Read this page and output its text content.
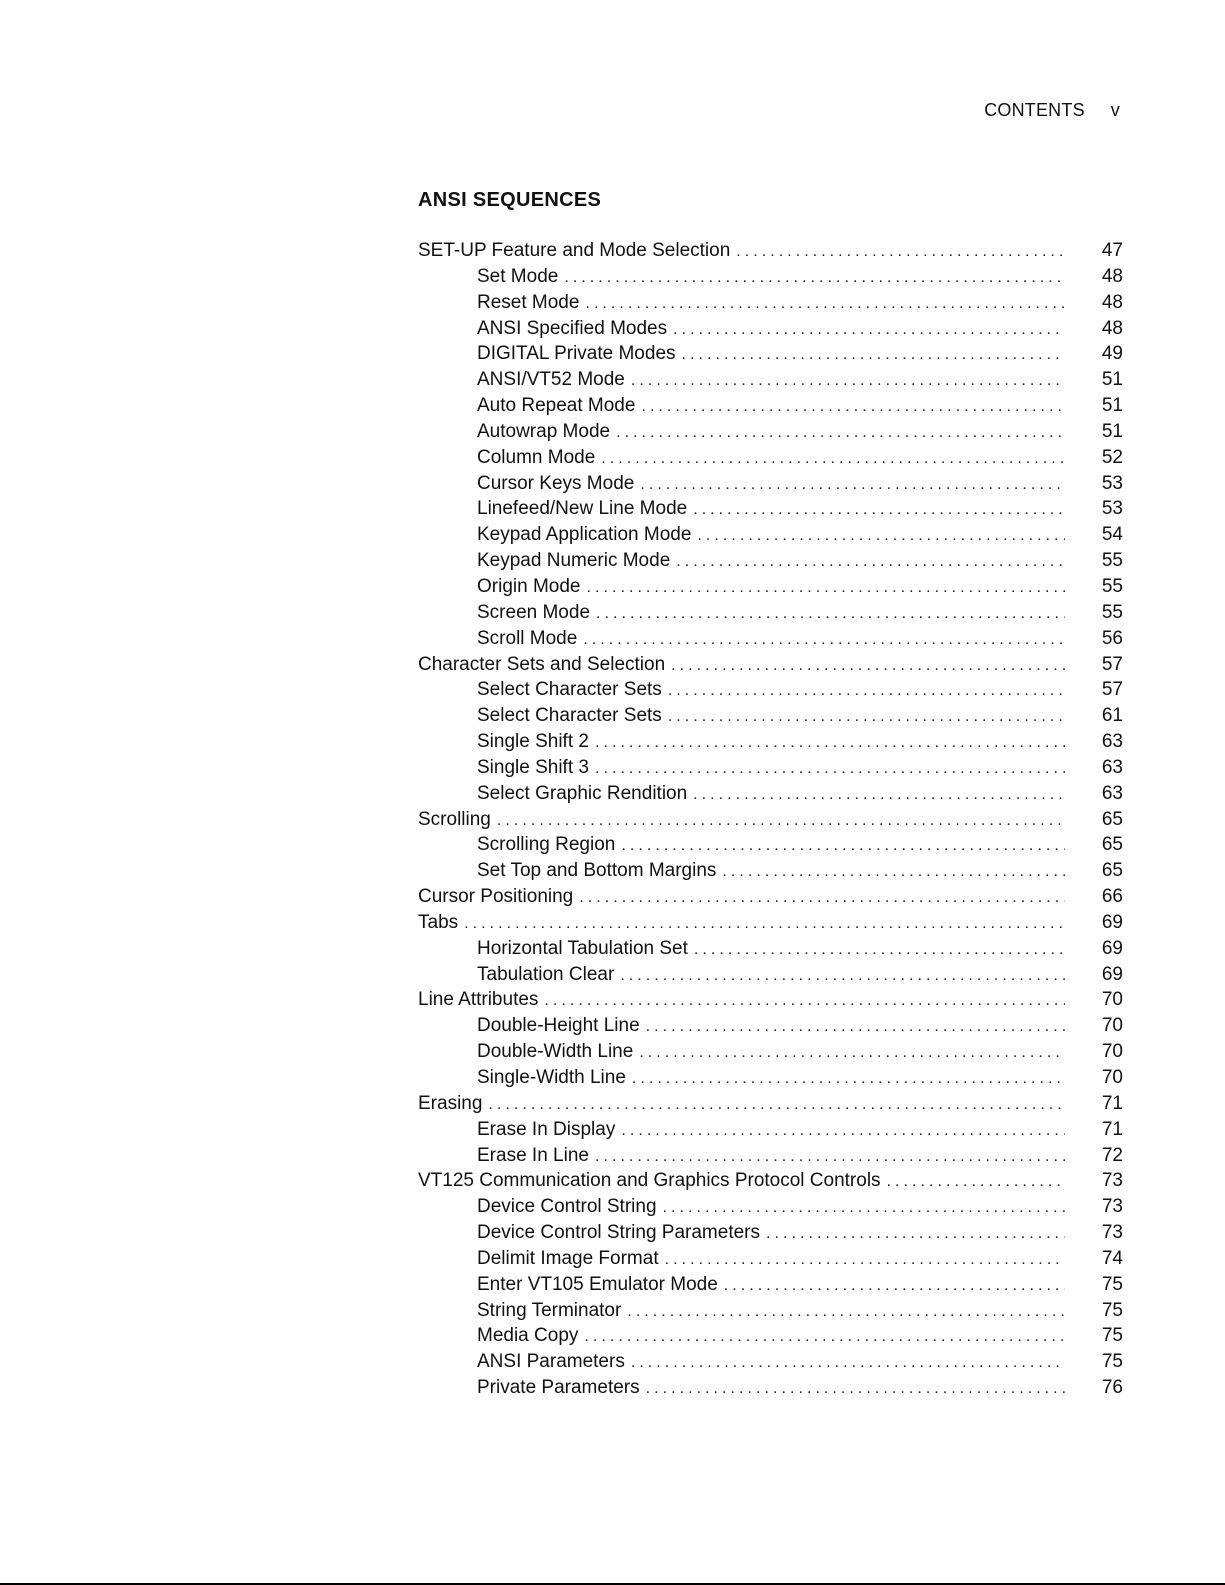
CONTENTS v
ANSI SEQUENCES
SET-UP Feature and Mode Selection . . .	47
Set Mode . . .	48
Reset Mode . . .	48
ANSI Specified Modes . . .	48
DIGITAL Private Modes . . .	49
ANSI/VT52 Mode . . .	51
Auto Repeat Mode . . .	51
Autowrap Mode . . .	51
Column Mode . . .	52
Cursor Keys Mode . . .	53
Linefeed/New Line Mode . . .	53
Keypad Application Mode . . .	54
Keypad Numeric Mode . . .	55
Origin Mode . . .	55
Screen Mode . . .	55
Scroll Mode . . .	56
Character Sets and Selection . . .	57
Select Character Sets . . .	57
Select Character Sets . . .	61
Single Shift 2 . . .	63
Single Shift 3 . . .	63
Select Graphic Rendition . . .	63
Scrolling . . .	65
Scrolling Region . . .	65
Set Top and Bottom Margins . . .	65
Cursor Positioning . . .	66
Tabs . . .	69
Horizontal Tabulation Set . . .	69
Tabulation Clear . . .	69
Line Attributes . . .	70
Double-Height Line . . .	70
Double-Width Line . . .	70
Single-Width Line . . .	70
Erasing . . .	71
Erase In Display . . .	71
Erase In Line . . .	72
VT125 Communication and Graphics Protocol Controls . . .	73
Device Control String . . .	73
Device Control String Parameters . . .	73
Delimit Image Format . . .	74
Enter VT105 Emulator Mode . . .	75
String Terminator . . .	75
Media Copy . . .	75
ANSI Parameters . . .	75
Private Parameters . . .	76
